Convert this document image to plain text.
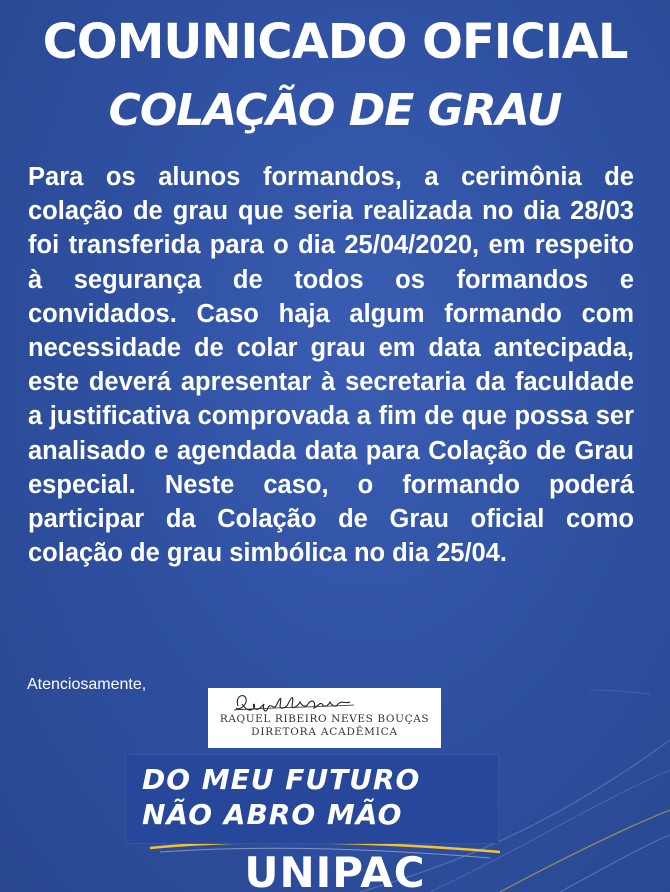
COMUNICADO OFICIAL
COLAÇÃO DE GRAU
Para os alunos formandos, a cerimônia de colação de grau que seria realizada no dia 28/03 foi transferida para o dia 25/04/2020, em respeito à segurança de todos os formandos e convidados. Caso haja algum formando com necessidade de colar grau em data antecipada, este deverá apresentar à secretaria da faculdade a justificativa comprovada a fim de que possa ser analisado e agendada data para Colação de Grau especial. Neste caso, o formando poderá participar da Colação de Grau oficial como colação de grau simbólica no dia 25/04.
Atenciosamente,
RAQUEL RIBEIRO NEVES BOUÇAS
DIRETORA ACADÊMICA
DO MEU FUTURO
NÃO ABRO MÃO
UNIPAC
